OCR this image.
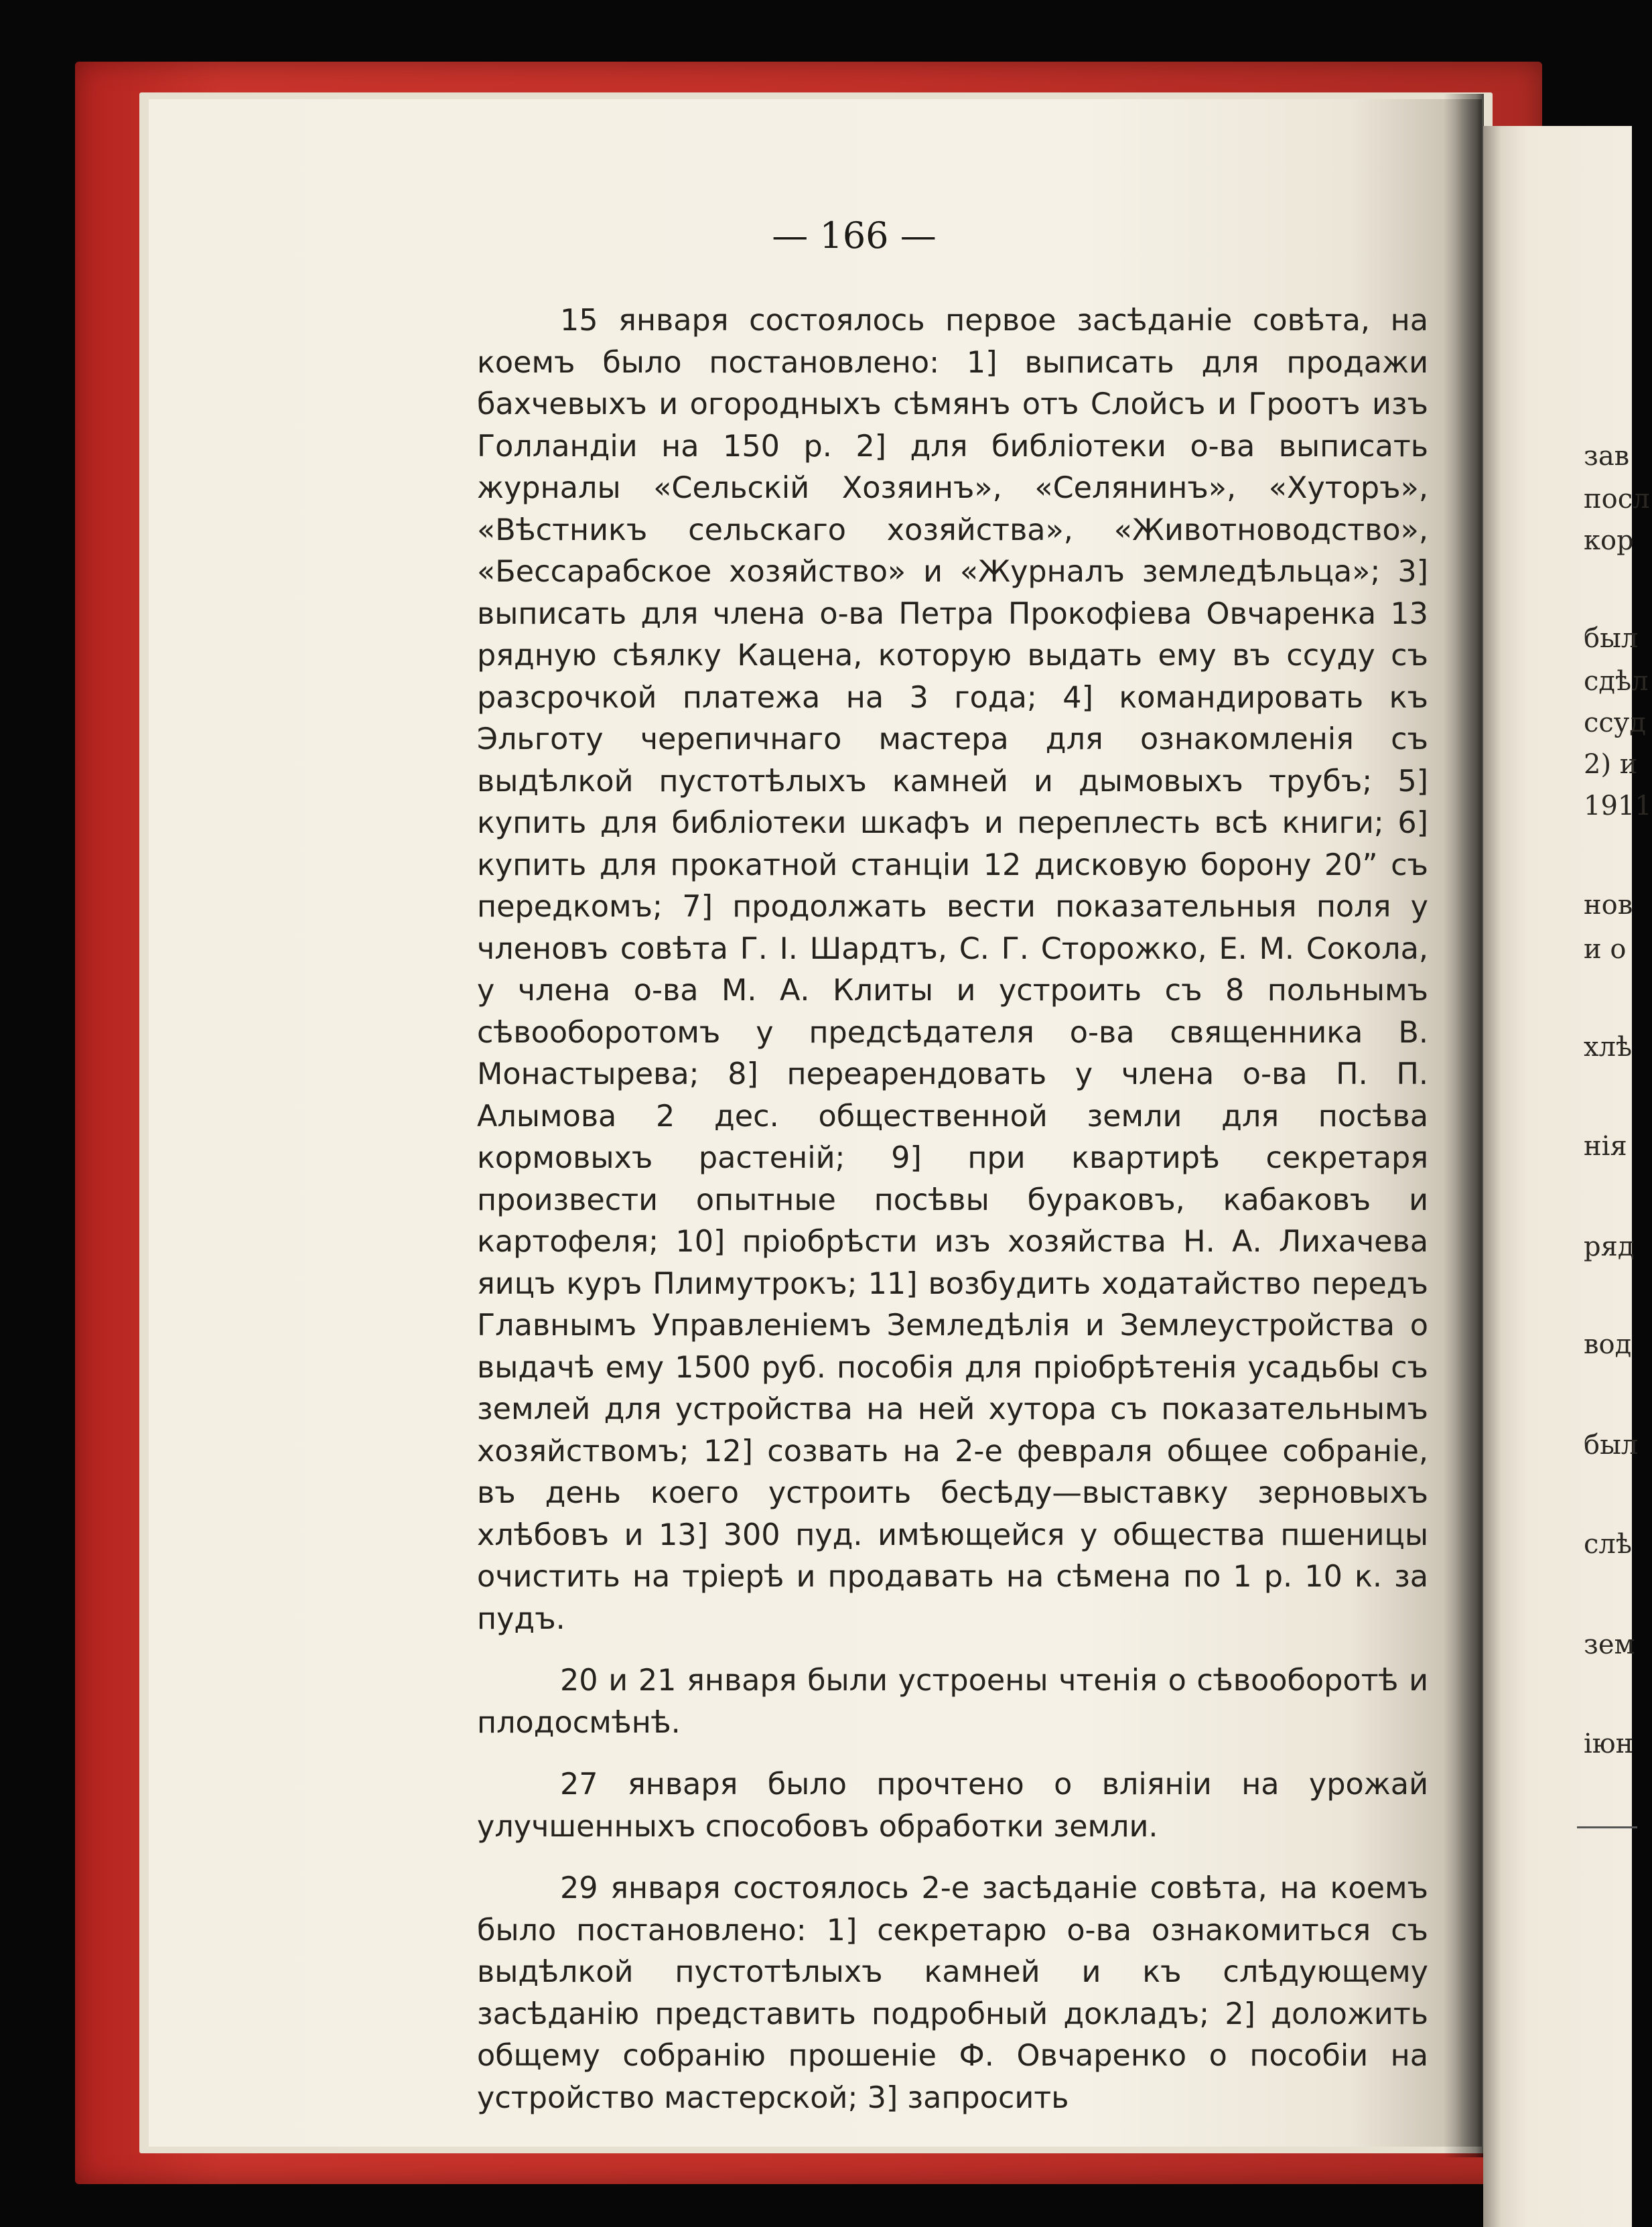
зав
посл
кор
был
сдѣл
ссуд
2) и
1911
нов
и о
хлѣ
нія
ряд
вод
был
слѣ
зем
іюн
— 166 —

15 января состоялось первое засѣданіе совѣта, на коемъ было постановлено: 1] выписать для продажи бахчевыхъ и огородныхъ сѣмянъ отъ Слойсъ и Гроотъ изъ Голландіи на 150 р. 2] для библіотеки о-ва выписать журналы «Сельскій Хозяинъ», «Селянинъ», «Хуторъ», «Вѣстникъ сельскаго хозяйства», «Животноводство», «Бессарабское хозяйство» и «Журналъ земледѣльца»; 3] выписать для члена о-ва Петра Прокофіева Овчаренка 13 рядную сѣялку Кацена, которую выдать ему въ ссуду съ разсрочкой платежа на 3 года; 4] командировать къ Эльготу черепичнаго мастера для ознакомленія съ выдѣлкой пустотѣлыхъ камней и дымовыхъ трубъ; 5] купить для библіотеки шкафъ и переплесть всѣ книги; 6] купить для прокатной станціи 12 дисковую борону 20” съ передкомъ; 7] продолжать вести показательныя поля у членовъ совѣта Г. І. Шардтъ, С. Г. Сторожко, Е. М. Сокола, у члена о-ва М. А. Клиты и устроить съ 8 польнымъ сѣвооборотомъ у предсѣдателя о-ва священника В. Монастырева; 8] переарендовать у члена о-ва П. П. Алымова 2 дес. общественной земли для посѣва кормовыхъ растеній; 9] при квартирѣ секретаря произвести опытные посѣвы бураковъ, кабаковъ и картофеля; 10] пріобрѣсти изъ хозяйства Н. А. Лихачева яицъ куръ Плимутрокъ; 11] возбудить ходатайство передъ Главнымъ Управленіемъ Земледѣлія и Землеустройства о выдачѣ ему 1500 руб. пособія для пріобрѣтенія усадьбы съ землей для устройства на ней хутора съ показательнымъ хозяйствомъ; 12] созвать на 2-е февраля общее собраніе, въ день коего устроить бесѣду—выставку зерновыхъ хлѣбовъ и 13] 300 пуд. имѣющейся у общества пшеницы очистить на тріерѣ и продавать на сѣмена по 1 р. 10 к. за пудъ.

20 и 21 января были устроены чтенія о сѣвооборотѣ и плодосмѣнѣ.

27 января было прочтено о вліяніи на урожай улучшенныхъ способовъ обработки земли.

29 января состоялось 2-е засѣданіе совѣта, на коемъ было постановлено: 1] секретарю о-ва ознакомиться съ выдѣлкой пустотѣлыхъ камней и къ слѣдующему засѣданію представить подробный докладъ; 2] доложить общему собранію прошеніе Ф. Овчаренко о пособіи на устройство мастерской; 3] запросить
